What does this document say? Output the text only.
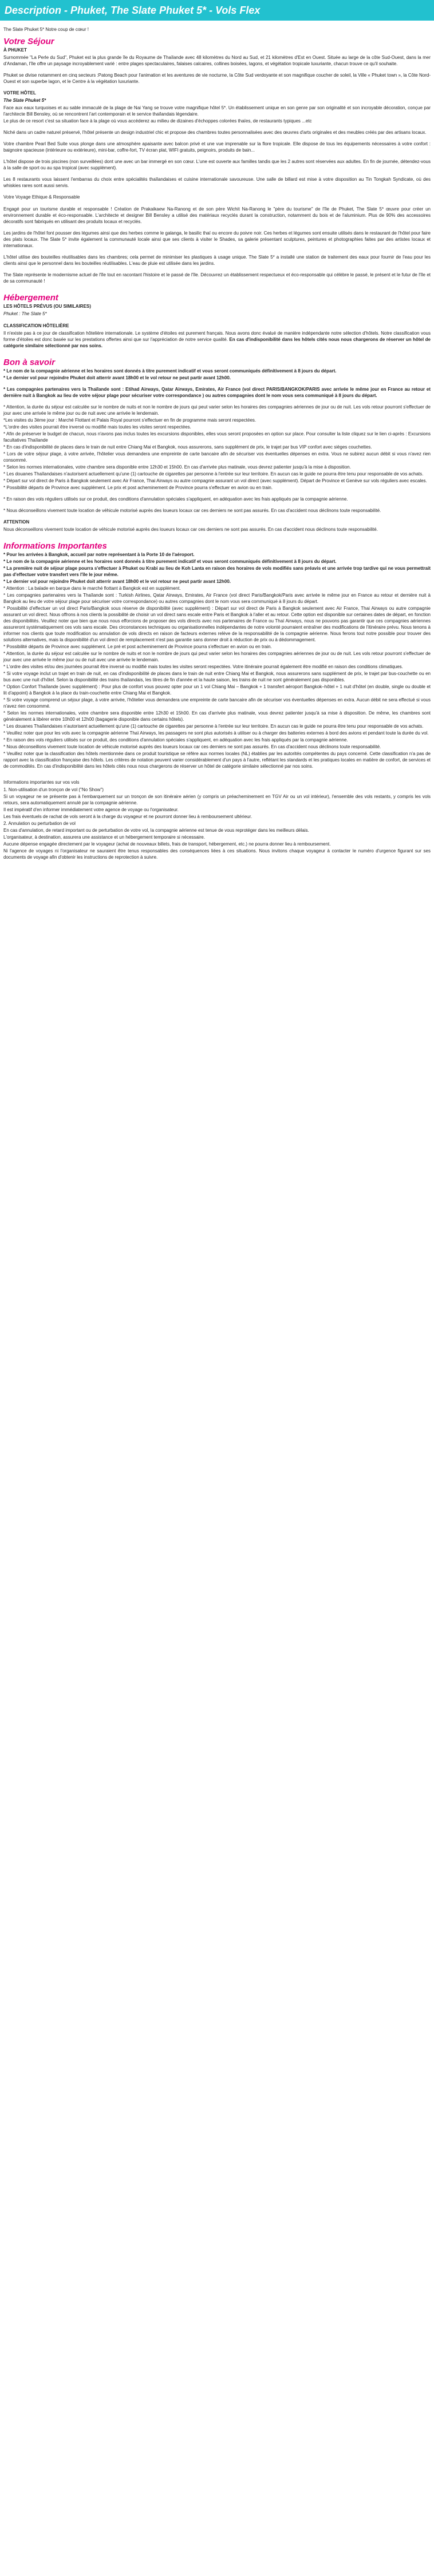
Description - Phuket, The Slate Phuket 5* - Vols Flex
The Slate Phuket 5* Notre coup de cœur !
Votre Séjour
À PHUKET

Surnommée "La Perle du Sud", Phuket est la plus grande île du Royaume de Thaïlande avec 48 kilomètres du Nord au Sud, et 21 kilomètres d'Est en Ouest. Située au large de la côte Sud-Ouest, dans la mer d'Andaman, l'île offre un paysage incroyablement varié : entre plages spectaculaires, falaises calcaires, collines boisées, lagons, et végétation tropicale luxuriante, chacun trouve ce qu'il souhaite.

Phuket se divise notamment en cinq secteurs :Patong Beach pour l'animation et les aventures de vie nocturne, la Côte Sud verdoyante et son magnifique coucher de soleil, la Ville « Phuket town », la Côte Nord-Ouest et son superbe lagon, et le Centre à la végétation luxuriante.

VOTRE HÔTEL
The Slate Phuket 5*

Face aux eaux turquoises et au sable immaculé de la plage de Nai Yang se trouve votre magnifique hôtel 5*. Un établissement unique en son genre par son originalité et son incroyable décoration, conçue par l'architecte Bill Bensley, où se rencontrent l'art contemporain et le service thaïlandais légendaire.

Le plus de ce resort c'est sa situation face à la plage où vous accéderez au milieu de dizaines d'échoppes colorées thaïes, de restaurants typiques ...etc

Niché dans un cadre naturel préservé, l'hôtel présente un design industriel chic et propose des chambres toutes personnalisées avec des œuvres d'arts originales et des meubles créés par des artisans locaux.

Votre chambre Pearl Bed Suite vous plonge dans une atmosphère apaisante avec balcon privé et une vue imprenable sur la flore tropicale. Elle dispose de tous les équipements nécessaires à votre confort : baignoire spacieuse (intérieure ou extérieure), mini-bar, coffre-fort, TV écran plat, WIFI gratuits, peignoirs, produits de bain...

L'hôtel dispose de trois piscines (non surveillées) dont une avec un bar immergé en son cœur. L'une est ouverte aux familles tandis que les 2 autres sont réservées aux adultes. En fin de journée, détendez-vous à la salle de sport ou au spa tropical (avec supplément).

Les 8 restaurants vous laissent l'embarras du choix entre spécialités thaïlandaises et cuisine internationale savoureuse. Une salle de billard est mise à votre disposition au Tin Tongkah Syndicate, où des whiskies rares sont aussi servis.

Votre Voyage Ethique & Responsable

Engagé pour un tourisme durable et responsable ! Création de Prakaikaew Na-Ranong et de son père Wichit Na-Ranong le "père du tourisme" de l'île de Phuket, The Slate 5* œuvre pour créer un environnement durable et éco-responsable. L'architecte et designer Bill Bensley a utilisé des matériaux recyclés durant la construction, notamment du bois et de l'aluminium. Plus de 90% des accessoires décoratifs sont fabriqués en utilisant des produits locaux et recyclés.

Les jardins de l'hôtel font pousser des légumes ainsi que des herbes comme le galanga, le basilic thaï ou encore du poivre noir. Ces herbes et légumes sont ensuite utilisés dans le restaurant de l'hôtel pour faire des plats locaux. The Slate 5* invite également la communauté locale ainsi que ses clients à visiter le Shades, sa galerie présentant sculptures, peintures et photographies faites par des artistes locaux et internationaux.

L'hôtel utilise des bouteilles réutilisables dans les chambres; cela permet de minimiser les plastiques à usage unique. The Slate 5* a installé une station de traitement des eaux pour fournir de l'eau pour les clients ainsi que le personnel dans les bouteilles réutilisables. L'eau de pluie est utilisée dans les jardins.

The Slate représente le modernisme actuel de l'île tout en racontant l'histoire et le passé de l'île. Découvrez un établissement respectueux et éco-responsable qui célèbre le passé, le présent et le futur de l'île et de sa communauté !

Hébergement
LES HÔTELS PRÉVUS (OU SIMILAIRES)
Phuket : The Slate 5*
CLASSIFICATION HÔTELIÈRE

Il n'existe pas à ce jour de classification hôtelière internationale. Le système d'étoiles est purement français. Nous avons donc évalué de manière indépendante notre sélection d'hôtels. Notre classification vous forme d'étoiles est donc basée sur les prestations offertes ainsi que sur l'appréciation de notre service qualité. En cas d'indisponibilité dans les hôtels cités nous nous chargerons de réserver un hôtel de catégorie similaire sélectionné par nos soins.

Bon à savoir

* Le nom de la compagnie aérienne et les horaires sont donnés à titre purement indicatif et vous seront communiqués définitivement à 8 jours du départ.

* Le dernier vol pour rejoindre Phuket doit atterrir avant 18h00 et le vol retour ne peut partir avant 12h00.

* Les compagnies partenaires vers la Thaïlande sont : Etihad Airways, Qatar Airways, Emirates, Air France (vol direct PARIS/BANGKOK/PARIS avec arrivée le même jour en France au retour et dernière nuit à Bangkok au lieu de votre séjour plage pour sécuriser votre correspondance ) ou autres compagnies dont le nom vous sera communiqué à 8 jours du départ.

* Attention, la durée du séjour est calculée sur le nombre de nuits et non le nombre de jours qui peut varier selon les horaires des compagnies aériennes de jour ou de nuit. Les vols retour pourront s'effectuer de jour avec une arrivée le même jour ou de nuit avec une arrivée le lendemain.

*Les visites du 3ème jour : Marché Flottant et Palais Royal pourront s'effectuer en fin de programme mais seront respectées.

*L'ordre des visites pourrait être inversé ou modifié mais toutes les visites seront respectées.

* Afin de préserver le budget de chacun, nous n'avons pas inclus toutes les excursions disponibles, elles vous seront proposées en option sur place. Pour consulter la liste cliquez sur le lien ci-après : Excursions facultatives Thaïlande

* En cas d'indisponibilité de places dans le train de nuit entre Chiang Mai et Bangkok, nous assurerons, sans supplément de prix, le trajet par bus VIP confort avec sièges couchettes.

* Lors de votre séjour plage, à votre arrivée, l'hôtelier vous demandera une empreinte de carte bancaire afin de sécuriser vos éventuelles dépenses en extra. Vous ne subirez aucun débit si vous n'avez rien consommé.

* Selon les normes internationales, votre chambre sera disponible entre 12h30 et 15h00. En cas d'arrivée plus matinale, vous devrez patienter jusqu'à la mise à disposition.

* Les douanes Thaïlandaises n'autorisent actuellement qu'une (1) cartouche de cigarettes par personne à l'entrée sur leur territoire. En aucun cas le guide ne pourra être tenu pour responsable de vos achats.

* Départ sur vol direct de Paris à Bangkok seulement avec Air France, Thai Airways ou autre compagnie assurant un vol direct (avec supplément). Départ de Province et Genève sur vols réguliers avec escales.

* Possibilité départs de Province avec supplément. Le prix et post acheminement de Province pourra s'effectuer en avion ou en train.

* En raison des vols réguliers utilisés sur ce produit, des conditions d'annulation spéciales s'appliquent, en adéquation avec les frais appliqués par la compagnie aérienne.

* Nous déconseillons vivement toute location de véhicule motorisé auprès des loueurs locaux car ces derniers ne sont pas assurés. En cas d'accident nous déclinons toute responsabilité.

ATTENTION

Nous déconseillons vivement toute location de véhicule motorisé auprès des loueurs locaux car ces derniers ne sont pas assurés. En cas d'accident nous déclinons toute responsabilité.

Informations Importantes

* Pour les arrivées à Bangkok, accueil par notre représentant à la Porte 10 de l'aéroport.

* Le nom de la compagnie aérienne et les horaires sont donnés à titre purement indicatif et vous seront communiqués définitivement à 8 jours du départ.

* La première nuit de séjour plage pourra s'effectuer à Phuket ou Krabi au lieu de Koh Lanta en raison des horaires de vols modifiés sans préavis et une arrivée trop tardive qui ne vous permettrait pas d'effectuer votre transfert vers l'île le jour même.

* Le dernier vol pour rejoindre Phuket doit atterrir avant 18h00 et le vol retour ne peut partir avant 12h00.

* Attention : La balade en barque dans le marché flottant à Bangkok est en supplément.

* Les compagnies partenaires vers la Thaïlande sont : Turkish Airlines, Qatar Airways, Emirates, Air France (vol direct Paris/Bangkok/Paris avec arrivée le même jour en France au retour et dernière nuit à Bangkok au lieu de votre séjour plage pour sécuriser votre correspondance) ou autres compagnies dont le nom vous sera communiqué à 8 jours du départ.

* Possibilité d'effectuer un vol direct Paris/Bangkok sous réserve de disponibilité (avec supplément) : Départ sur vol direct de Paris à Bangkok seulement avec Air France, Thai Airways ou autre compagnie assurant un vol direct. Nous offrons à nos clients la possibilité de choisir un vol direct sans escale entre Paris et Bangkok à l'aller et au retour. Cette option est disponible sur certaines dates de départ, en fonction des disponibilités. Veuillez noter que bien que nous nous efforcions de proposer des vols directs avec nos partenaires de France ou Thaï Airways, nous ne pouvons pas garantir que ces compagnies aériennes assureront systématiquement ces vols sans escale. Des circonstances techniques ou organisationnelles indépendantes de notre volonté pourraient entraîner des modifications de l'itinéraire prévu. Nous tenons à informer nos clients que toute modification ou annulation de vols directs en raison de facteurs externes relève de la responsabilité de la compagnie aérienne. Nous ferons tout notre possible pour trouver des solutions alternatives, mais la disponibilité d'un vol direct de remplacement n'est pas garantie sans donner droit à réduction de prix ou à dédommagement.

* Possibilité départs de Province avec supplément. Le pré et post acheminement de Province pourra s'effectuer en avion ou en train.

* Attention, la durée du séjour est calculée sur le nombre de nuits et non le nombre de jours qui peut varier selon les horaires des compagnies aériennes de jour ou de nuit. Les vols retour pourront s'effectuer de jour avec une arrivée le même jour ou de nuit avec une arrivée le lendemain.

* L'ordre des visites et/ou des journées pourrait être inversé ou modifié mais toutes les visites seront respectées. Votre itinéraire pourrait également être modifié en raison des conditions climatiques.

* Si votre voyage inclut un trajet en train de nuit, en cas d'indisponibilité de places dans le train de nuit entre Chiang Mai et Bangkok, nous assurerons sans supplément de prix, le trajet par bus-couchette ou en bus avec une nuit d'hôtel. Selon la disponibilité des trains thaïlandais, les titres de fin d'année et la haute saison, les trains de nuit ne sont généralement pas disponibles.

* Option Confort Thaïlande (avec supplément) : Pour plus de confort vous pouvez opter pour un 1 vol Chiang Mai – Bangkok + 1 transfert aéroport Bangkok–hôtel + 1 nuit d'hôtel (en double, single ou double et lit d'appoint) à Bangkok à la place du train-couchette entre Chiang Mai et Bangkok.

* Si votre voyage comprend un séjour plage, à votre arrivée, l'hôtelier vous demandera une empreinte de carte bancaire afin de sécuriser vos éventuelles dépenses en extra. Aucun débit ne sera effectué si vous n'avez rien consommé.

* Selon les normes internationales, votre chambre sera disponible entre 12h30 et 15h00. En cas d'arrivée plus matinale, vous devrez patienter jusqu'à sa mise à disposition. De même, les chambres sont généralement à libérer entre 10h00 et 12h00 (bagagerie disponible dans certains hôtels).

* Les douanes Thaïlandaises n'autorisent actuellement qu'une (1) cartouche de cigarettes par personne à l'entrée sur leur territoire. En aucun cas le guide ne pourra être tenu pour responsable de vos achats.

* Veuillez noter que pour les vols avec la compagnie aérienne Thaï Airways, les passagers ne sont plus autorisés à utiliser ou à charger des batteries externes à bord des avions et pendant toute la durée du vol.

* En raison des vols réguliers utilisés sur ce produit, des conditions d'annulation spéciales s'appliquent, en adéquation avec les frais appliqués par la compagnie aérienne.

* Nous déconseillons vivement toute location de véhicule motorisé auprès des loueurs locaux car ces derniers ne sont pas assurés. En cas d'accident nous déclinons toute responsabilité.

* Veuillez noter que la classification des hôtels mentionnée dans ce produit touristique se réfère aux normes locales (NL) établies par les autorités compétentes du pays concerné. Cette classification n'a pas de rapport avec la classification française des hôtels. Les critères de notation peuvent varier considérablement d'un pays à l'autre, reflétant les standards et les pratiques locales en matière de confort, de services et de commodités. En cas d'indisponibilité dans les hôtels cités nous nous chargerons de réserver un hôtel de catégorie similaire sélectionné par nos soins.

Informations importantes sur vos vols

1. Non-utilisation d'un tronçon de vol ("No Show")

Si un voyageur ne se présente pas à l'embarquement sur un tronçon de son itinéraire aérien (y compris un préacheminement en TGV Air ou un vol intérieur), l'ensemble des vols restants, y compris les vols retours, sera automatiquement annulé par la compagnie aérienne.

Il est impératif d'en informer immédiatement votre agence de voyage ou l'organisateur.

Les frais éventuels de rachat de vols seront à la charge du voyageur et ne pourront donner lieu à remboursement ultérieur.

2. Annulation ou perturbation de vol

En cas d'annulation, de retard important ou de perturbation de votre vol, la compagnie aérienne est tenue de vous reprotéger dans les meilleurs délais.

L'organisateur, à destination, assurera une assistance et un hébergement temporaire si nécessaire.

Aucune dépense engagée directement par le voyageur (achat de nouveaux billets, frais de transport, hébergement, etc.) ne pourra donner lieu à remboursement.

Ni l'agence de voyages ni l'organisateur ne sauraient être tenus responsables des conséquences liées à ces situations. Nous invitons chaque voyageur à contacter le numéro d'urgence figurant sur ses documents de voyage afin d'obtenir les instructions de reprotection à suivre.
